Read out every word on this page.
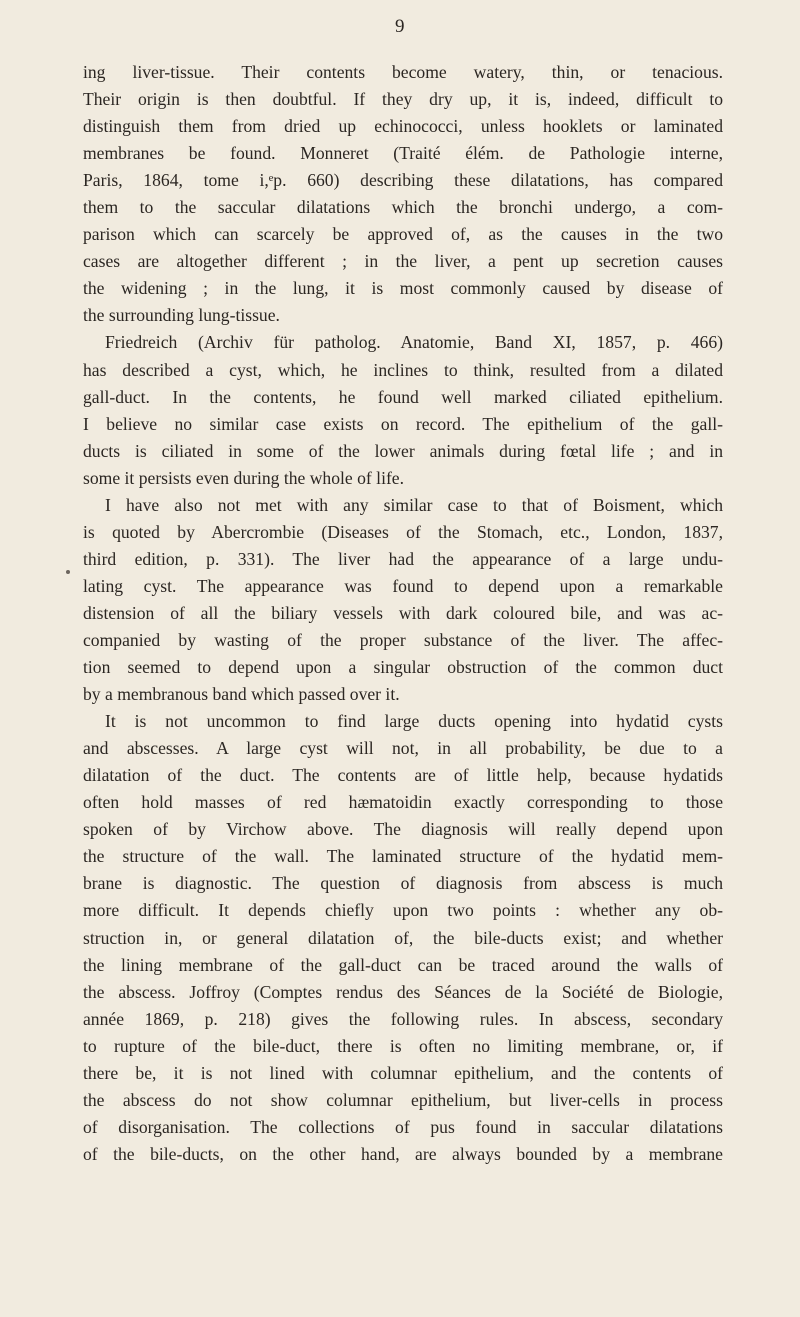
9
ing liver-tissue. Their contents become watery, thin, or tenacious.
Their origin is then doubtful. If they dry up, it is, indeed, difficult to
distinguish them from dried up echinococci, unless hooklets or laminated
membranes be found. Monneret (Traité élém. de Pathologie interne,
Paris, 1864, tome i,ᵉp. 660) describing these dilatations, has compared
them to the saccular dilatations which the bronchi undergo, a com-
parison which can scarcely be approved of, as the causes in the two
cases are altogether different ; in the liver, a pent up secretion causes
the widening ; in the lung, it is most commonly caused by disease of
the surrounding lung-tissue.
Friedreich (Archiv für patholog. Anatomie, Band XI, 1857, p. 466)
has described a cyst, which, he inclines to think, resulted from a dilated
gall-duct. In the contents, he found well marked ciliated epithelium.
I believe no similar case exists on record. The epithelium of the gall-
ducts is ciliated in some of the lower animals during fœtal life ; and in
some it persists even during the whole of life.
I have also not met with any similar case to that of Boisment, which
is quoted by Abercrombie (Diseases of the Stomach, etc., London, 1837,
third edition, p. 331). The liver had the appearance of a large undu-
lating cyst. The appearance was found to depend upon a remarkable
distension of all the biliary vessels with dark coloured bile, and was ac-
companied by wasting of the proper substance of the liver. The affec-
tion seemed to depend upon a singular obstruction of the common duct
by a membranous band which passed over it.
It is not uncommon to find large ducts opening into hydatid cysts
and abscesses. A large cyst will not, in all probability, be due to a
dilatation of the duct. The contents are of little help, because hydatids
often hold masses of red hæmatoidin exactly corresponding to those
spoken of by Virchow above. The diagnosis will really depend upon
the structure of the wall. The laminated structure of the hydatid mem-
brane is diagnostic. The question of diagnosis from abscess is much
more difficult. It depends chiefly upon two points : whether any ob-
struction in, or general dilatation of, the bile-ducts exist; and whether
the lining membrane of the gall-duct can be traced around the walls of
the abscess. Joffroy (Comptes rendus des Séances de la Société de Biologie,
année 1869, p. 218) gives the following rules. In abscess, secondary
to rupture of the bile-duct, there is often no limiting membrane, or, if
there be, it is not lined with columnar epithelium, and the contents of
the abscess do not show columnar epithelium, but liver-cells in process
of disorganisation. The collections of pus found in saccular dilatations
of the bile-ducts, on the other hand, are always bounded by a membrane
